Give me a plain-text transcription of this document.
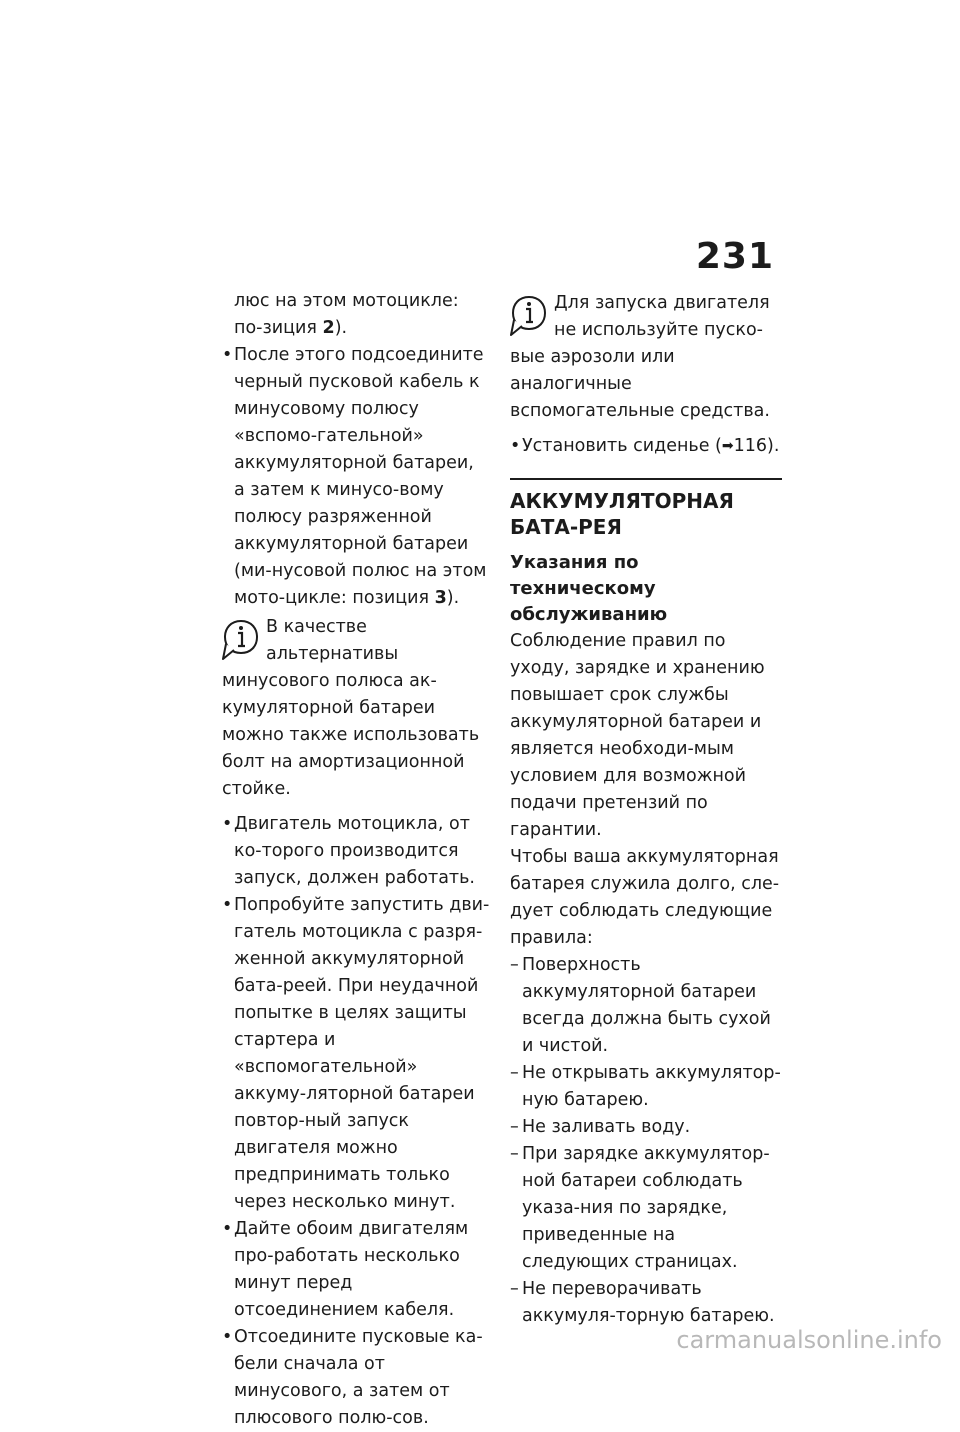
231

люс на этом мотоцикле: по-зиция 2).

• После этого подсоедините черный пусковой кабель к минусовому полюсу «вспомо-гательной» аккумуляторной батареи, а затем к минусо-вому полюсу разряженной аккумуляторной батареи (ми-нусовой полюс на этом мото-цикле: позиция 3).

В качестве альтернативы минусового полюса ак-кумуляторной батареи можно также использовать болт на амортизационной стойке.

• Двигатель мотоцикла, от ко-торого производится запуск, должен работать.

• Попробуйте запустить дви-гатель мотоцикла с разря-женной аккумуляторной бата-реей. При неудачной попытке в целях защиты стартера и «вспомогательной» аккуму-ляторной батареи повтор-ный запуск двигателя можно предпринимать только через несколько минут.

• Дайте обоим двигателям про-работать несколько минут перед отсоединением кабеля.

• Отсоедините пусковые ка-бели сначала от минусового, а затем от плюсового полю-сов.

Для запуска двигателя не используйте пуско-вые аэрозоли или аналогичные вспомогательные средства.

• Установить сиденье (➡116).

АККУМУЛЯТОРНАЯ БАТА-РЕЯ
Указания по техническому обслуживанию

Соблюдение правил по уходу, зарядке и хранению повышает срок службы аккумуляторной батареи и является необходи-мым условием для возможной подачи претензий по гарантии.

Чтобы ваша аккумуляторная батарея служила долго, сле-дует соблюдать следующие правила:

– Поверхность аккумуляторной батареи всегда должна быть сухой и чистой.

– Не открывать аккумулятор-ную батарею.

– Не заливать воду.

– При зарядке аккумулятор-ной батареи соблюдать указа-ния по зарядке, приведенные на следующих страницах.

– Не переворачивать аккумуля-торную батарею.

carmanualsonline.info
